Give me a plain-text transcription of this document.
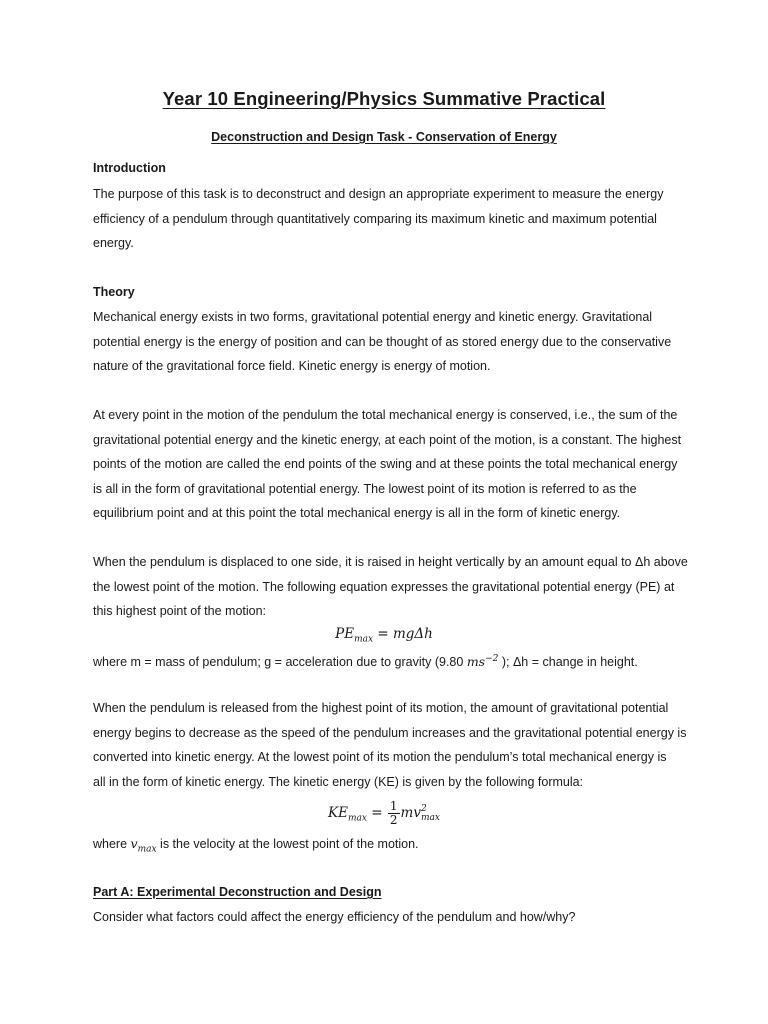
Year 10 Engineering/Physics Summative Practical
Deconstruction and Design Task - Conservation of Energy
Introduction
The purpose of this task is to deconstruct and design an appropriate experiment to measure the energy
efficiency of a pendulum through quantitatively comparing its maximum kinetic and maximum potential
energy.
Theory
Mechanical energy exists in two forms, gravitational potential energy and kinetic energy. Gravitational
potential energy is the energy of position and can be thought of as stored energy due to the conservative
nature of the gravitational force field. Kinetic energy is energy of motion.
At every point in the motion of the pendulum the total mechanical energy is conserved, i.e., the sum of the
gravitational potential energy and the kinetic energy, at each point of the motion, is a constant. The highest
points of the motion are called the end points of the swing and at these points the total mechanical energy
is all in the form of gravitational potential energy. The lowest point of its motion is referred to as the
equilibrium point and at this point the total mechanical energy is all in the form of kinetic energy.
When the pendulum is displaced to one side, it is raised in height vertically by an amount equal to Δh above
the lowest point of the motion. The following equation expresses the gravitational potential energy (PE) at
this highest point of the motion:
$PE_{max} = mg\Delta h$
where m = mass of pendulum; g = acceleration due to gravity (9.80 $ms^{-2}$ ); Δh = change in height.
When the pendulum is released from the highest point of its motion, the amount of gravitational potential
energy begins to decrease as the speed of the pendulum increases and the gravitational potential energy is
converted into kinetic energy. At the lowest point of its motion the pendulum’s total mechanical energy is
all in the form of kinetic energy. The kinetic energy (KE) is given by the following formula:
$KE_{max} = \frac{1}{2}$ mv 2
max
where $v_{max}$ is the velocity at the lowest point of the motion.
Part A: Experimental Deconstruction and Design
Consider what factors could affect the energy efficiency of the pendulum and how/why?
